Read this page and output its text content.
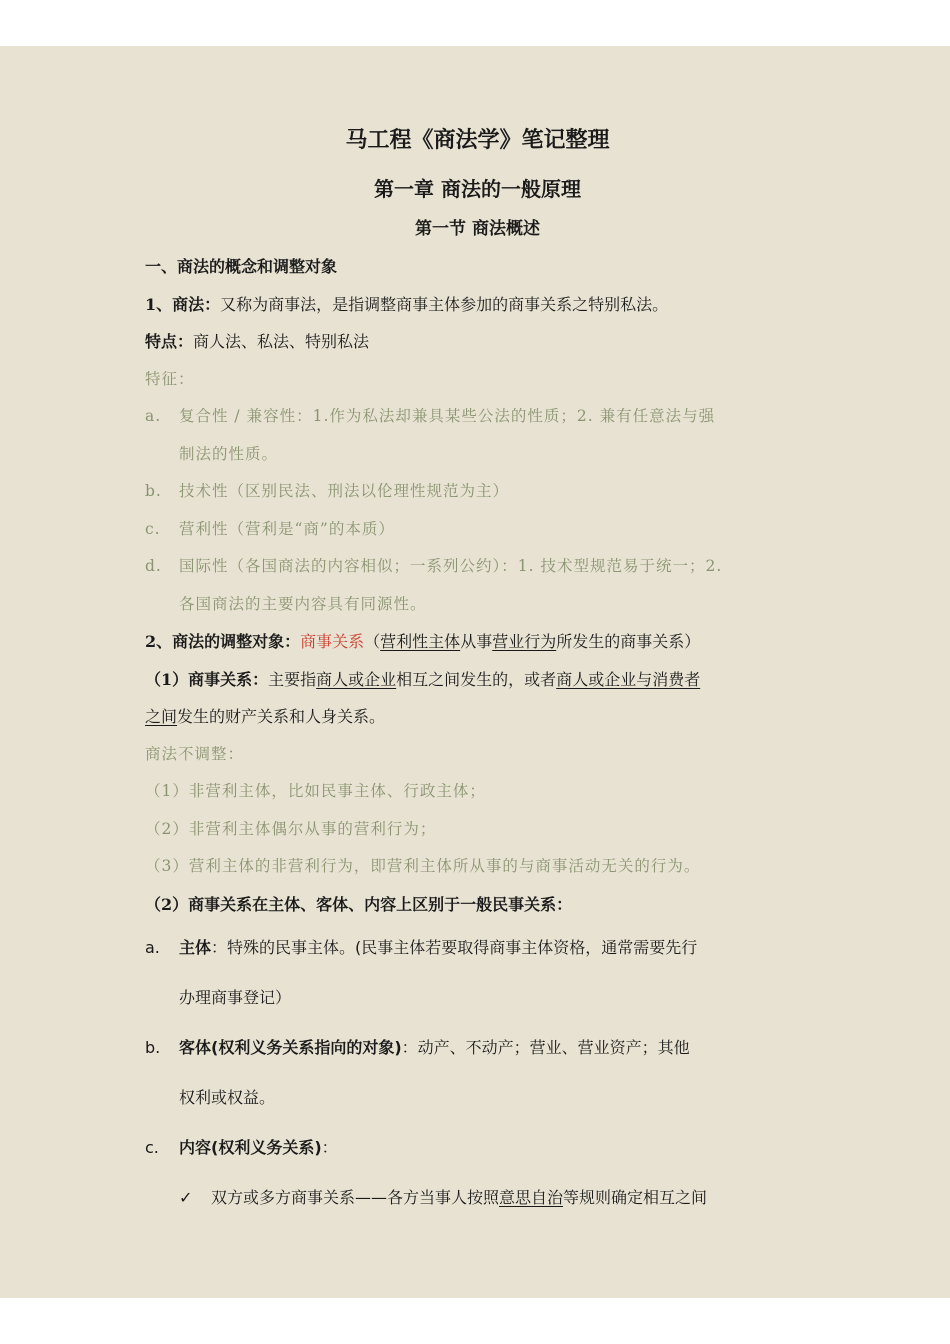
马工程《商法学》笔记整理
第一章 商法的一般原理
第一节 商法概述
一、商法的概念和调整对象
1、商法：又称为商事法，是指调整商事主体参加的商事关系之特别私法。
特点：商人法、私法、特别私法
特征：
a. 复合性 / 兼容性：1.作为私法却兼具某些公法的性质；2. 兼有任意法与强
制法的性质。
b. 技术性（区别民法、刑法以伦理性规范为主）
c. 营利性（营利是“商”的本质）
d. 国际性（各国商法的内容相似；一系列公约）：1. 技术型规范易于统一；2.
各国商法的主要内容具有同源性。
2、商法的调整对象：商事关系（营利性主体从事营业行为所发生的商事关系）
（1）商事关系：主要指商人或企业相互之间发生的，或者商人或企业与消费者
之间发生的财产关系和人身关系。
商法不调整：
（1）非营利主体，比如民事主体、行政主体；
（2）非营利主体偶尔从事的营利行为；
（3）营利主体的非营利行为，即营利主体所从事的与商事活动无关的行为。
（2）商事关系在主体、客体、内容上区别于一般民事关系：
a. 主体：特殊的民事主体。(民事主体若要取得商事主体资格，通常需要先行
办理商事登记）
b. 客体(权利义务关系指向的对象)：动产、不动产；营业、营业资产；其他
权利或权益。
c. 内容(权利义务关系)：
✓ 双方或多方商事关系——各方当事人按照意思自治等规则确定相互之间
